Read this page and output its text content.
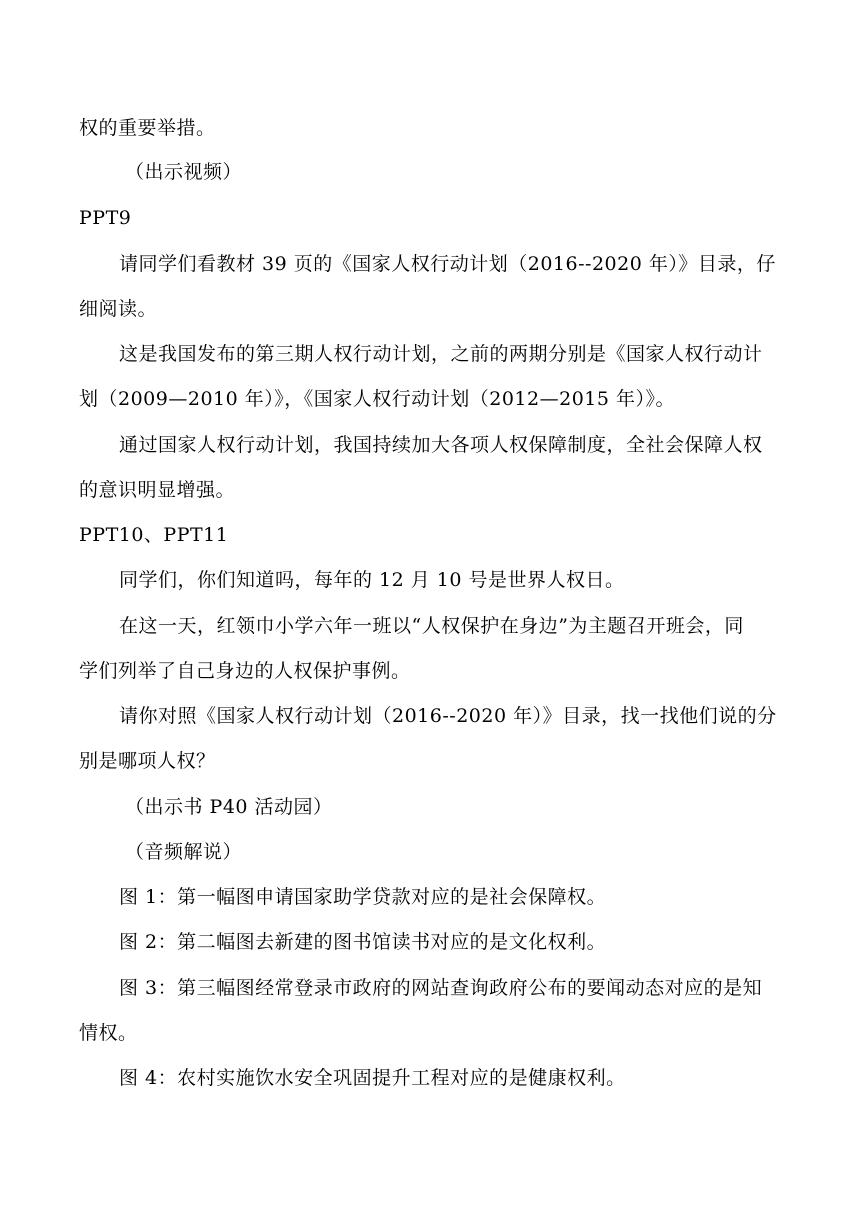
权的重要举措。
（出示视频）
PPT9
请同学们看教材 39 页的《国家人权行动计划（2016--2020 年）》目录，仔
细阅读。
这是我国发布的第三期人权行动计划，之前的两期分别是《国家人权行动计
划（2009—2010 年）》，《国家人权行动计划（2012—2015 年）》。
通过国家人权行动计划，我国持续加大各项人权保障制度，全社会保障人权
的意识明显增强。
PPT10、PPT11
同学们，你们知道吗，每年的 12 月 10 号是世界人权日。
在这一天，红领巾小学六年一班以“人权保护在身边”为主题召开班会，同
学们列举了自己身边的人权保护事例。
请你对照《国家人权行动计划（2016--2020 年）》目录，找一找他们说的分
别是哪项人权？
（出示书 P40 活动园）
（音频解说）
图 1：第一幅图申请国家助学贷款对应的是社会保障权。
图 2：第二幅图去新建的图书馆读书对应的是文化权利。
图 3：第三幅图经常登录市政府的网站查询政府公布的要闻动态对应的是知
情权。
图 4：农村实施饮水安全巩固提升工程对应的是健康权利。
